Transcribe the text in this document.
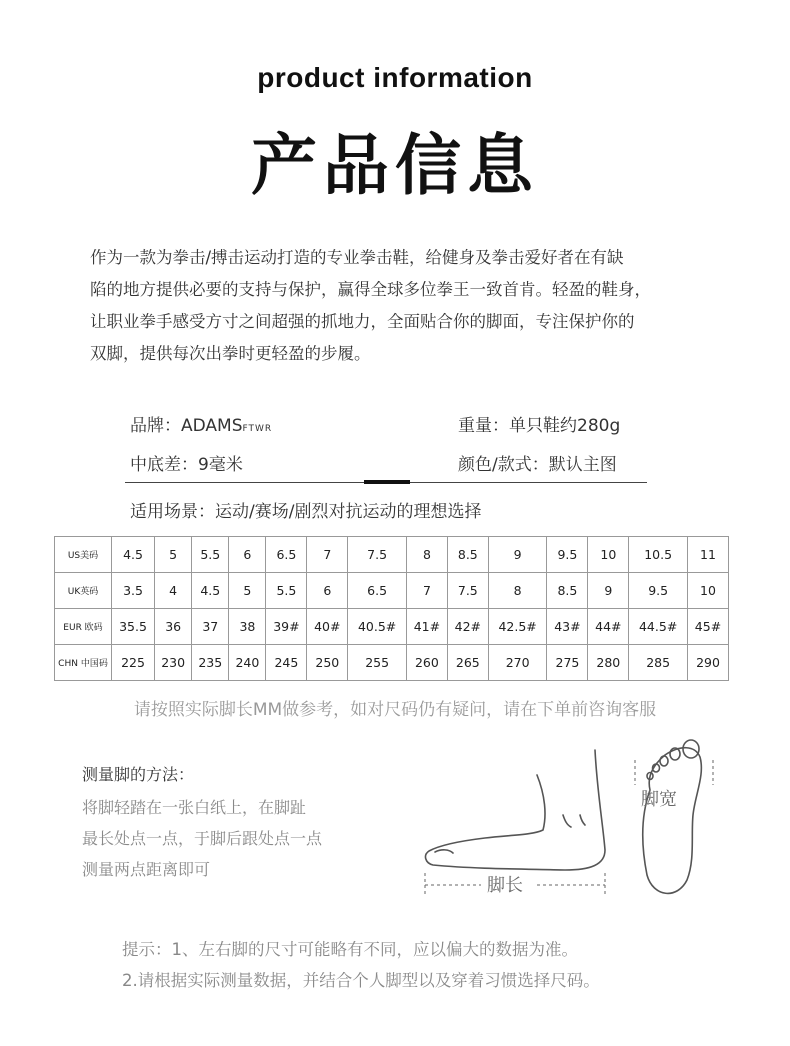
product information
产品信息

作为一款为拳击/搏击运动打造的专业拳击鞋，给健身及拳击爱好者在有缺

陷的地方提供必要的支持与保护，赢得全球多位拳王一致首肯。轻盈的鞋身，

让职业拳手感受方寸之间超强的抓地力，全面贴合你的脚面，专注保护你的

双脚，提供每次出拳时更轻盈的步履。

品牌：ADAMSFTWR	重量：单只鞋约280g
中底差：9毫米	颜色/款式：默认主图
适用场景：运动/赛场/剧烈对抗运动的理想选择
US美码	4.5	5	5.5	6	6.5	7	7.5	8	8.5	9	9.5	10	10.5	11
UK英码	3.5	4	4.5	5	5.5	6	6.5	7	7.5	8	8.5	9	9.5	10
EUR 欧码	35.5	36	37	38	39#	40#	40.5#	41#	42#	42.5#	43#	44#	44.5#	45#
CHN 中国码	225	230	235	240	245	250	255	260	265	270	275	280	285	290
请按照实际脚长MM做参考，如对尺码仍有疑问，请在下单前咨询客服
测量脚的方法：
将脚轻踏在一张白纸上，在脚趾
最长处点一点，于脚后跟处点一点
测量两点距离即可
脚长
脚宽
提示：1、左右脚的尺寸可能略有不同，应以偏大的数据为准。
2.请根据实际测量数据，并结合个人脚型以及穿着习惯选择尺码。
